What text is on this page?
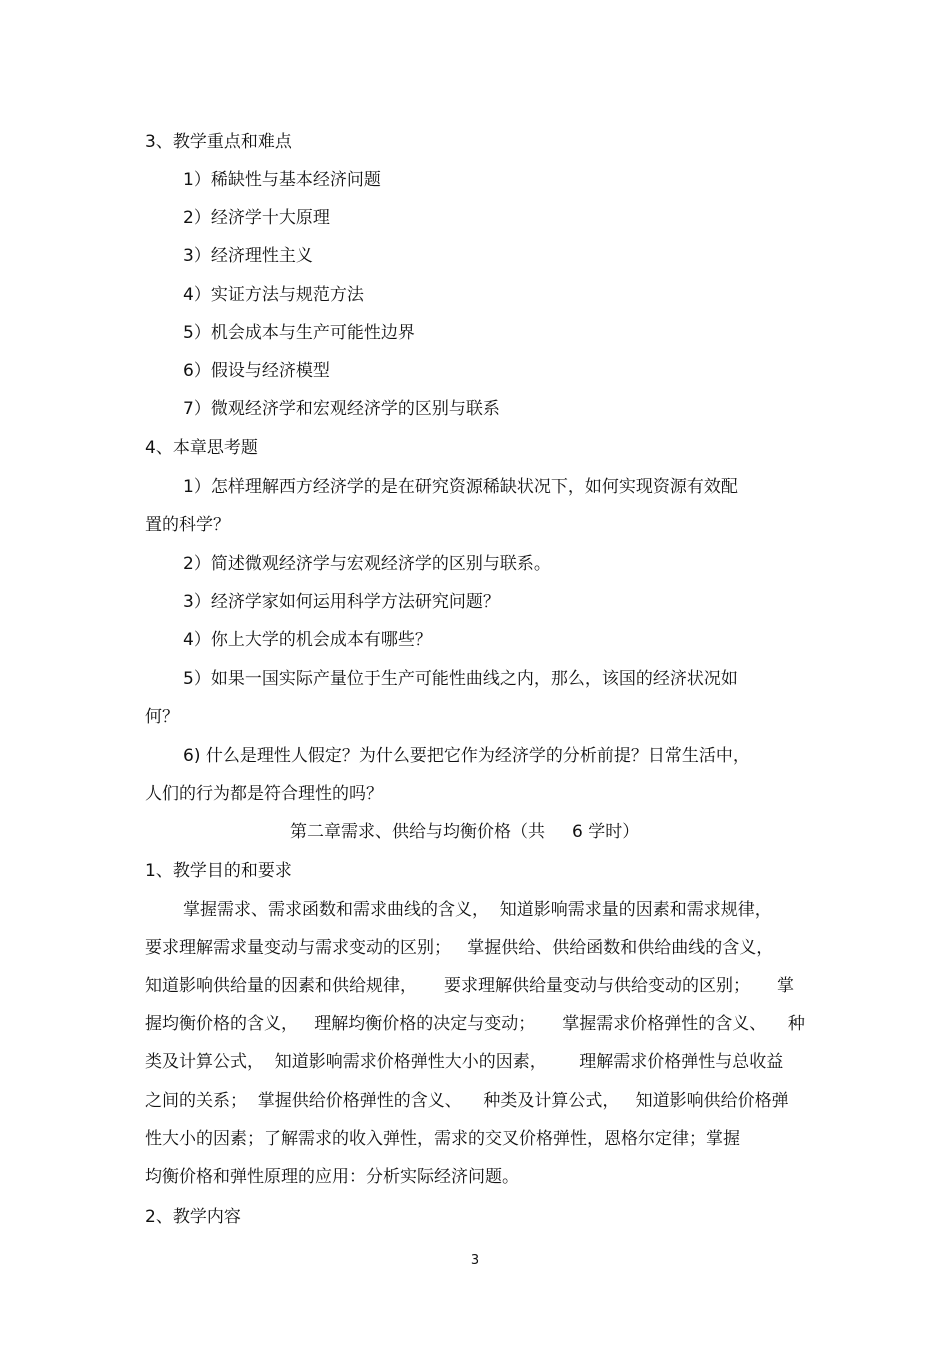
3、教学重点和难点
1）稀缺性与基本经济问题
2）经济学十大原理
3）经济理性主义
4）实证方法与规范方法
5）机会成本与生产可能性边界
6）假设与经济模型
7）微观经济学和宏观经济学的区别与联系
4、本章思考题
1）怎样理解西方经济学的是在研究资源稀缺状况下，如何实现资源有效配
置的科学？
2）简述微观经济学与宏观经济学的区别与联系。
3）经济学家如何运用科学方法研究问题？
4）你上大学的机会成本有哪些？
5）如果一国实际产量位于生产可能性曲线之内，那么，该国的经济状况如
何？
6) 什么是理性人假定？为什么要把它作为经济学的分析前提？日常生活中，
人们的行为都是符合理性的吗？
第二章需求、供给与均衡价格（共     6 学时）
1、教学目的和要求
掌握需求、需求函数和需求曲线的含义，  知道影响需求量的因素和需求规律，
要求理解需求量变动与需求变动的区别；   掌握供给、供给函数和供给曲线的含义，
知道影响供给量的因素和供给规律，     要求理解供给量变动与供给变动的区别；     掌
握均衡价格的含义，   理解均衡价格的决定与变动；     掌握需求价格弹性的含义、    种
类及计算公式，  知道影响需求价格弹性大小的因素，      理解需求价格弹性与总收益
之间的关系；  掌握供给价格弹性的含义、    种类及计算公式，   知道影响供给价格弹
性大小的因素；了解需求的收入弹性，需求的交叉价格弹性，恩格尔定律；掌握
均衡价格和弹性原理的应用：分析实际经济问题。
2、教学内容
3
